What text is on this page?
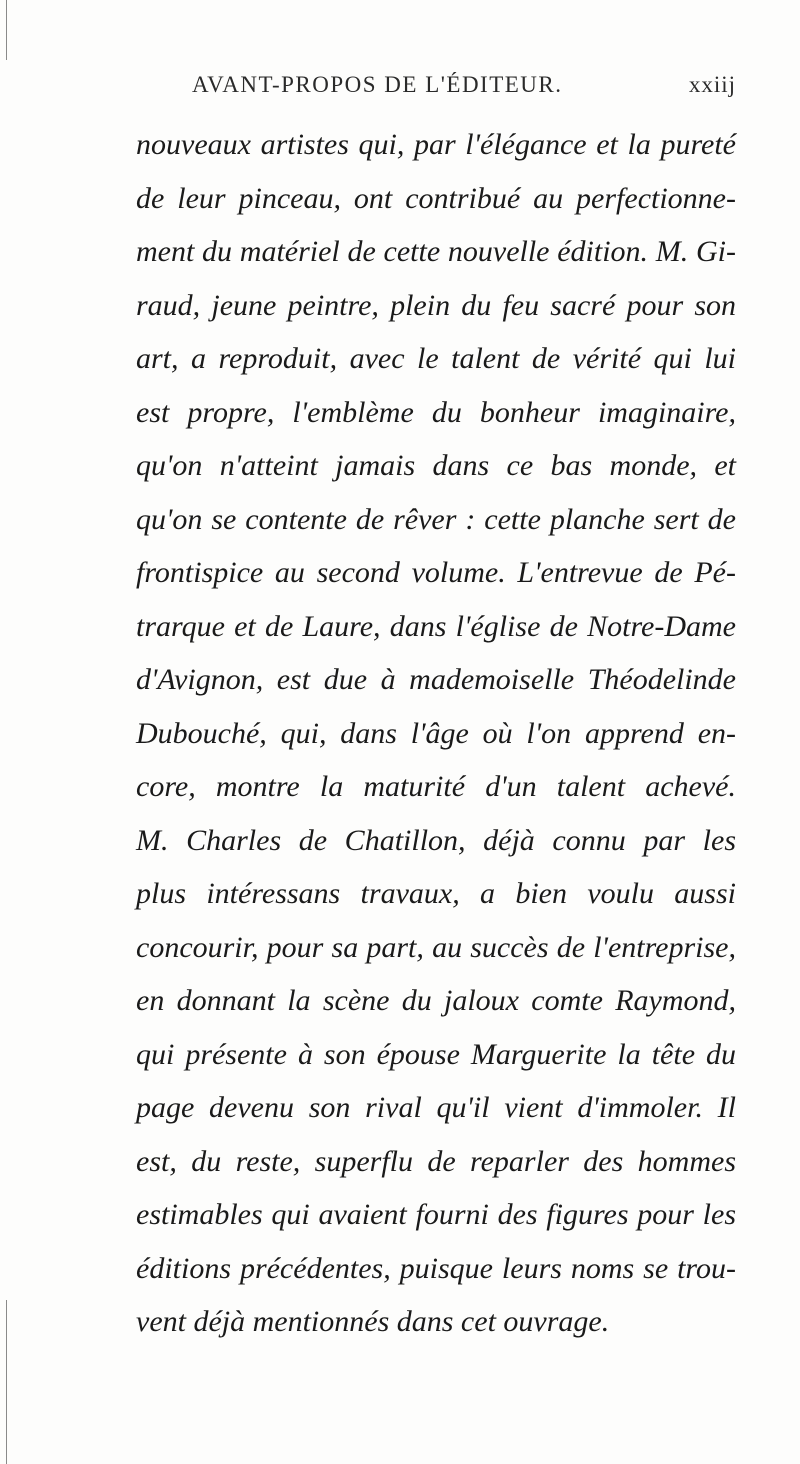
AVANT-PROPOS DE L'ÉDITEUR.	xxiij
nouveaux artistes qui, par l'élégance et la pureté
de leur pinceau, ont contribué au perfectionne-
ment du matériel de cette nouvelle édition. M. Gi-
raud, jeune peintre, plein du feu sacré pour son
art, a reproduit, avec le talent de vérité qui lui
est propre, l'emblème du bonheur imaginaire,
qu'on n'atteint jamais dans ce bas monde, et
qu'on se contente de rêver : cette planche sert de
frontispice au second volume. L'entrevue de Pé-
trarque et de Laure, dans l'église de Notre-Dame
d'Avignon, est due à mademoiselle Théodelinde
Dubouché, qui, dans l'âge où l'on apprend en-
core, montre la maturité d'un talent achevé.
M. Charles de Chatillon, déjà connu par les
plus intéressans travaux, a bien voulu aussi
concourir, pour sa part, au succès de l'entreprise,
en donnant la scène du jaloux comte Raymond,
qui présente à son épouse Marguerite la tête du
page devenu son rival qu'il vient d'immoler. Il
est, du reste, superflu de reparler des hommes
estimables qui avaient fourni des figures pour les
éditions précédentes, puisque leurs noms se trou-
vent déjà mentionnés dans cet ouvrage.
